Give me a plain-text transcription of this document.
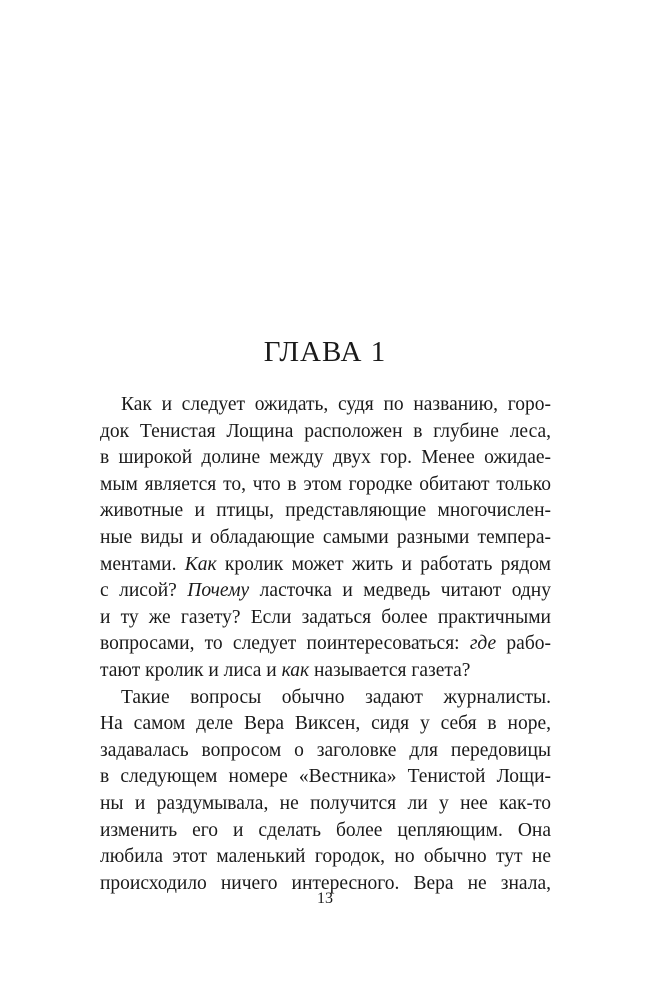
ГЛАВА 1
Как и следует ожидать, судя по названию, горо-
док Тенистая Лощина расположен в глубине леса,
в широкой долине между двух гор. Менее ожидае-
мым является то, что в этом городке обитают только
животные и птицы, представляющие многочислен-
ные виды и обладающие самыми разными темпера-
ментами. Как кролик может жить и работать рядом
с лисой? Почему ласточка и медведь читают одну
и ту же газету? Если задаться более практичными
вопросами, то следует поинтересоваться: где рабо-
тают кролик и лиса и как называется газета?
Такие вопросы обычно задают журналисты.
На самом деле Вера Виксен, сидя у себя в норе,
задавалась вопросом о заголовке для передовицы
в следующем номере «Вестника» Тенистой Лощи-
ны и раздумывала, не получится ли у нее как-то
изменить его и сделать более цепляющим. Она
любила этот маленький городок, но обычно тут не
происходило ничего интересного. Вера не знала,
13
